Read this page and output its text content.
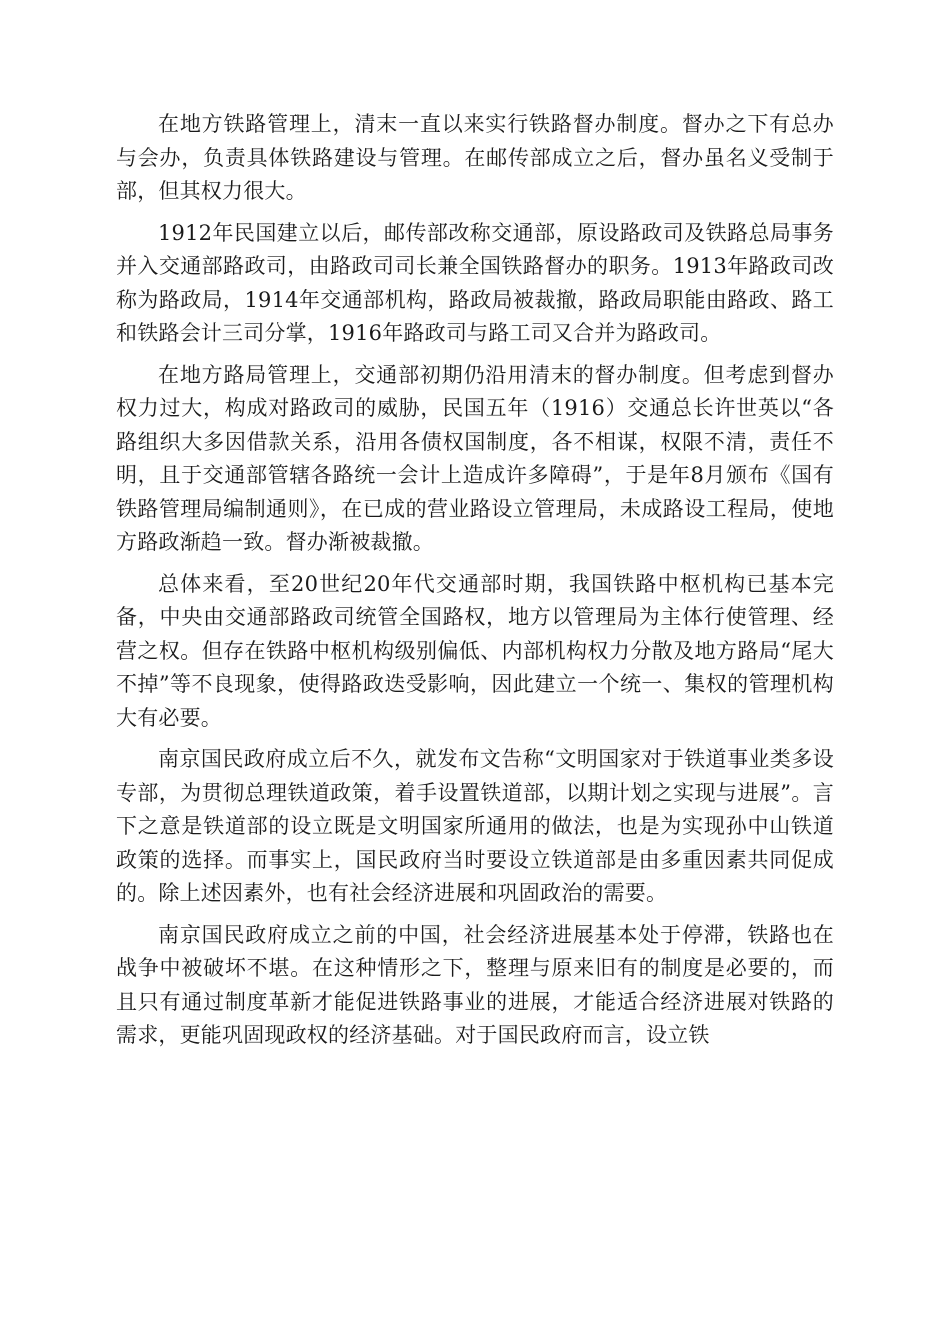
在地方铁路管理上，清末一直以来实行铁路督办制度。督办之下有总办与会办，负责具体铁路建设与管理。在邮传部成立之后，督办虽名义受制于部，但其权力很大。

1912年民国建立以后，邮传部改称交通部，原设路政司及铁路总局事务并入交通部路政司，由路政司司长兼全国铁路督办的职务。1913年路政司改称为路政局，1914年交通部机构，路政局被裁撤，路政局职能由路政、路工和铁路会计三司分掌，1916年路政司与路工司又合并为路政司。

在地方路局管理上，交通部初期仍沿用清末的督办制度。但考虑到督办权力过大，构成对路政司的威胁，民国五年（1916）交通总长许世英以“各路组织大多因借款关系，沿用各债权国制度，各不相谋，权限不清，责任不明，且于交通部管辖各路统一会计上造成许多障碍”，于是年8月颁布《国有铁路管理局编制通则》，在已成的营业路设立管理局，未成路设工程局，使地方路政渐趋一致。督办渐被裁撤。

总体来看，至20世纪20年代交通部时期，我国铁路中枢机构已基本完备，中央由交通部路政司统管全国路权，地方以管理局为主体行使管理、经营之权。但存在铁路中枢机构级别偏低、内部机构权力分散及地方路局“尾大不掉”等不良现象，使得路政迭受影响，因此建立一个统一、集权的管理机构大有必要。

南京国民政府成立后不久，就发布文告称“文明国家对于铁道事业类多设专部，为贯彻总理铁道政策，着手设置铁道部，以期计划之实现与进展”。言下之意是铁道部的设立既是文明国家所通用的做法，也是为实现孙中山铁道政策的选择。而事实上，国民政府当时要设立铁道部是由多重因素共同促成的。除上述因素外，也有社会经济进展和巩固政治的需要。

南京国民政府成立之前的中国，社会经济进展基本处于停滞，铁路也在战争中被破坏不堪。在这种情形之下，整理与原来旧有的制度是必要的，而且只有通过制度革新才能促进铁路事业的进展，才能适合经济进展对铁路的需求，更能巩固现政权的经济基础。对于国民政府而言，设立铁
